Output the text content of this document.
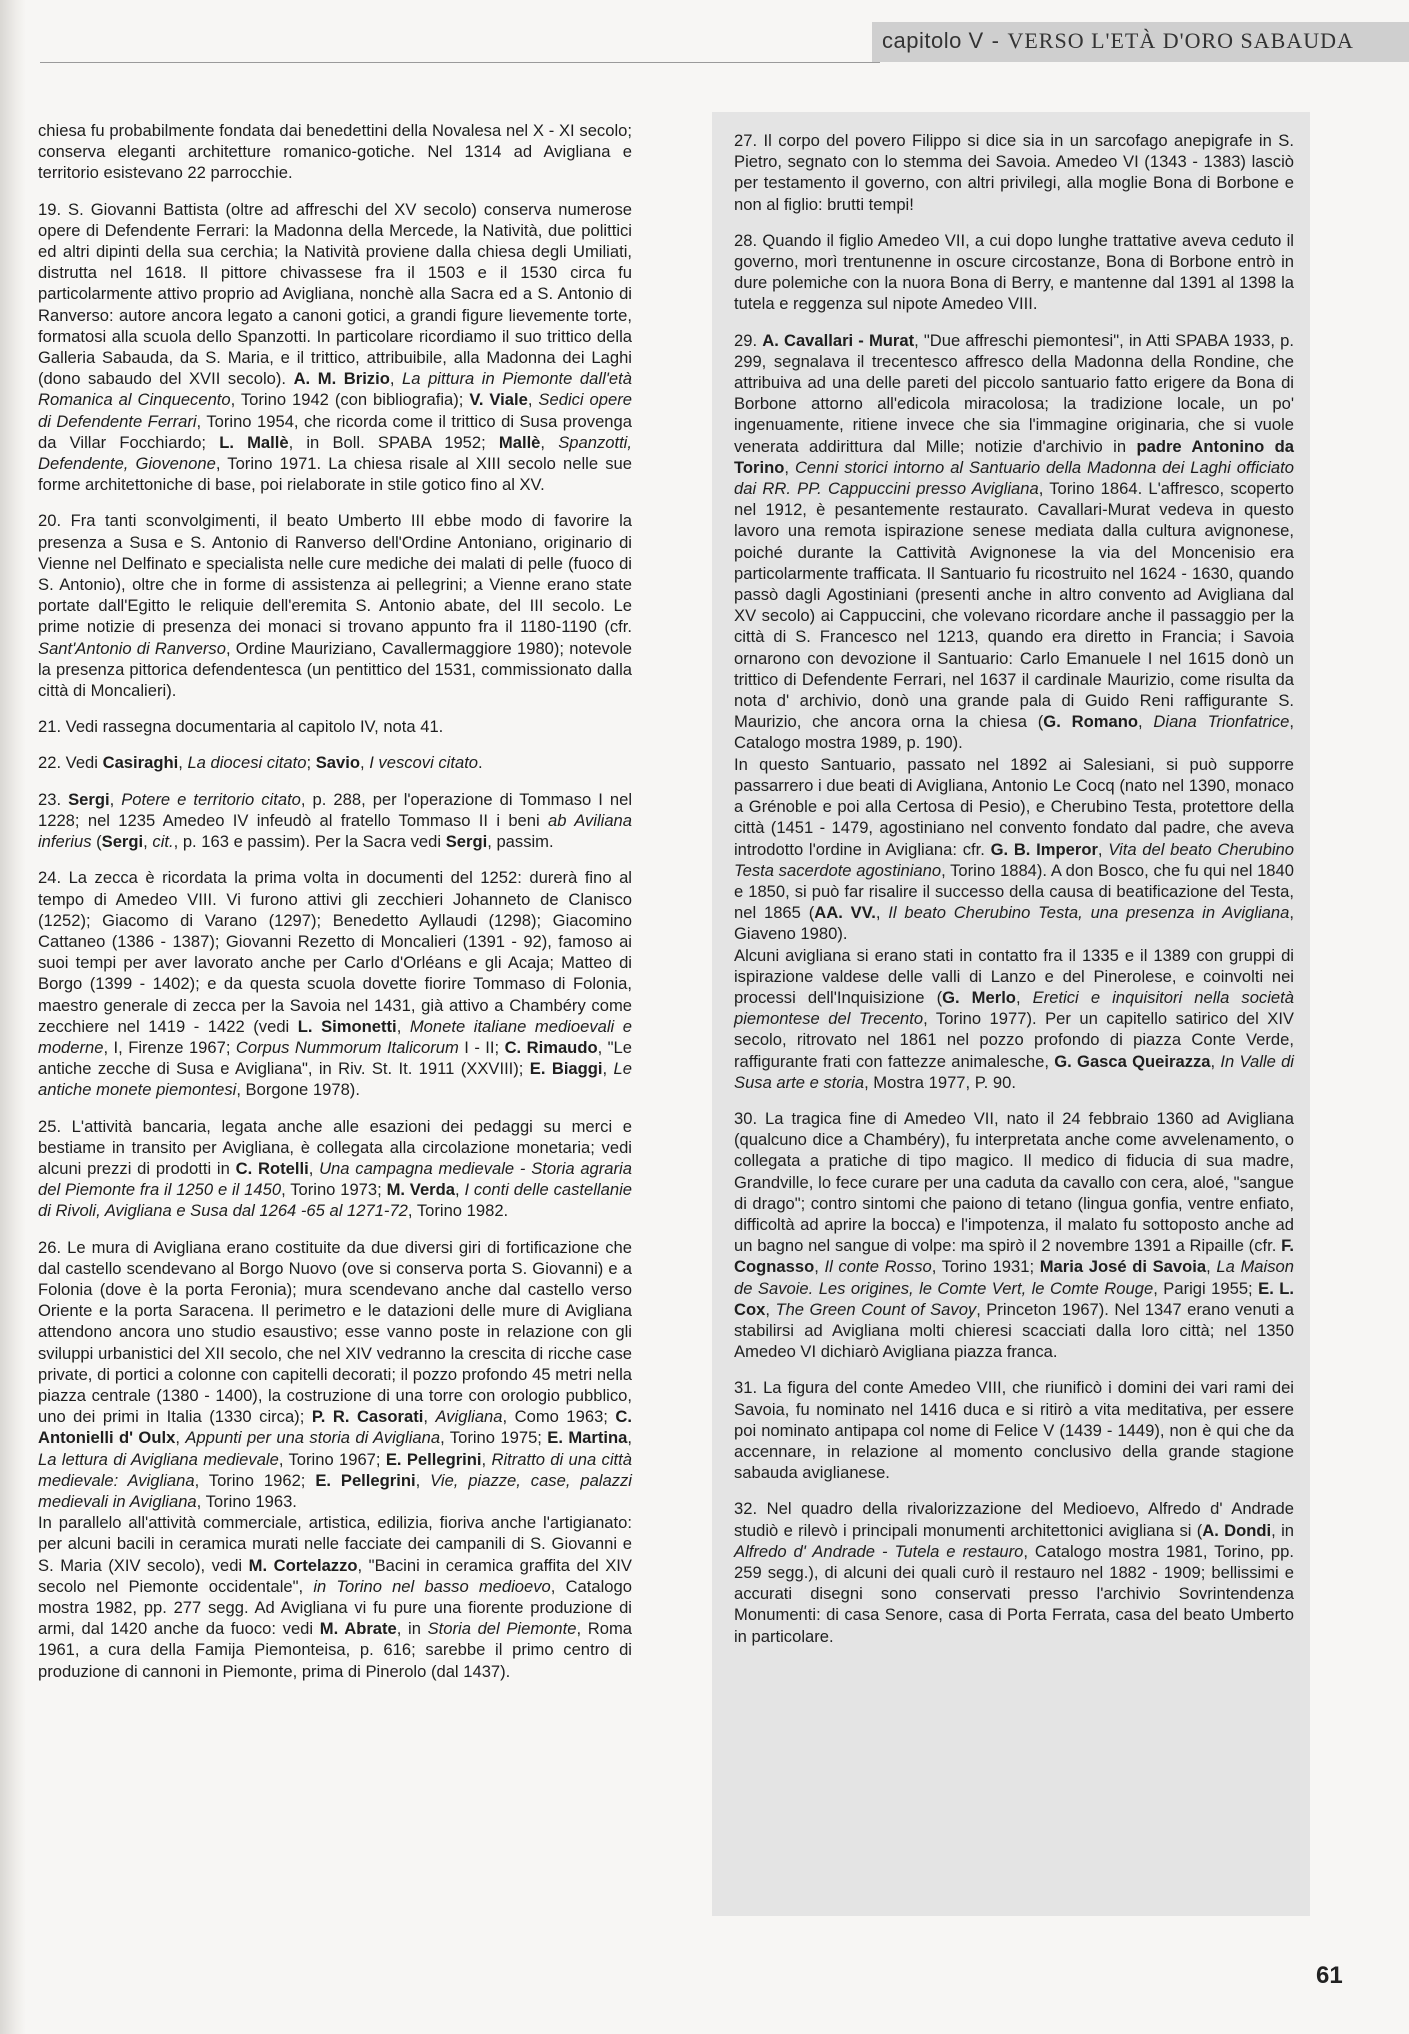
capitolo V - VERSO L'ETÀ D'ORO SABAUDA

chiesa fu probabilmente fondata dai benedettini della Novalesa nel X - XI secolo; conserva eleganti architetture romanico-gotiche. Nel 1314 ad Avigliana e territorio esistevano 22 parrocchie.

19. S. Giovanni Battista (oltre ad affreschi del XV secolo) conserva numerose opere di Defendente Ferrari: la Madonna della Mercede, la Natività, due polittici ed altri dipinti della sua cerchia; la Natività proviene dalla chiesa degli Umiliati, distrutta nel 1618. Il pittore chivassese fra il 1503 e il 1530 circa fu particolarmente attivo proprio ad Avigliana, nonchè alla Sacra ed a S. Antonio di Ranverso: autore ancora legato a canoni gotici, a grandi figure lievemente torte, formatosi alla scuola dello Spanzotti. In particolare ricordiamo il suo trittico della Galleria Sabauda, da S. Maria, e il trittico, attribuibile, alla Madonna dei Laghi (dono sabaudo del XVII secolo). A. M. Brizio, La pittura in Piemonte dall'età Romanica al Cinquecento, Torino 1942 (con bibliografia); V. Viale, Sedici opere di Defendente Ferrari, Torino 1954, che ricorda come il trittico di Susa provenga da Villar Focchiardo; L. Mallè, in Boll. SPABA 1952; Mallè, Spanzotti, Defendente, Giovenone, Torino 1971. La chiesa risale al XIII secolo nelle sue forme architettoniche di base, poi rielaborate in stile gotico fino al XV.

20. Fra tanti sconvolgimenti, il beato Umberto III ebbe modo di favorire la presenza a Susa e S. Antonio di Ranverso dell'Ordine Antoniano, originario di Vienne nel Delfinato e specialista nelle cure mediche dei malati di pelle (fuoco di S. Antonio), oltre che in forme di assistenza ai pellegrini; a Vienne erano state portate dall'Egitto le reliquie dell'eremita S. Antonio abate, del III secolo. Le prime notizie di presenza dei monaci si trovano appunto fra il 1180-1190 (cfr. Sant'Antonio di Ranverso, Ordine Mauriziano, Cavallermaggiore 1980); notevole la presenza pittorica defendentesca (un pentittico del 1531, commissionato dalla città di Moncalieri).

21. Vedi rassegna documentaria al capitolo IV, nota 41.

22. Vedi Casiraghi, La diocesi citato; Savio, I vescovi citato.

23. Sergi, Potere e territorio citato, p. 288, per l'operazione di Tommaso I nel 1228; nel 1235 Amedeo IV infeudò al fratello Tommaso II i beni ab Aviliana inferius (Sergi, cit., p. 163 e passim). Per la Sacra vedi Sergi, passim.

24. La zecca è ricordata la prima volta in documenti del 1252: durerà fino al tempo di Amedeo VIII. Vi furono attivi gli zecchieri Johanneto de Clanisco (1252); Giacomo di Varano (1297); Benedetto Ayllaudi (1298); Giacomino Cattaneo (1386 - 1387); Giovanni Rezetto di Moncalieri (1391 - 92), famoso ai suoi tempi per aver lavorato anche per Carlo d'Orléans e gli Acaja; Matteo di Borgo (1399 - 1402); e da questa scuola dovette fiorire Tommaso di Folonia, maestro generale di zecca per la Savoia nel 1431, già attivo a Chambéry come zecchiere nel 1419 - 1422 (vedi L. Simonetti, Monete italiane medioevali e moderne, I, Firenze 1967; Corpus Nummorum Italicorum I - II; C. Rimaudo, "Le antiche zecche di Susa e Avigliana", in Riv. St. It. 1911 (XXVIII); E. Biaggi, Le antiche monete piemontesi, Borgone 1978).

25. L'attività bancaria, legata anche alle esazioni dei pedaggi su merci e bestiame in transito per Avigliana, è collegata alla circolazione monetaria; vedi alcuni prezzi di prodotti in C. Rotelli, Una campagna medievale - Storia agraria del Piemonte fra il 1250 e il 1450, Torino 1973; M. Verda, I conti delle castellanie di Rivoli, Avigliana e Susa dal 1264 -65 al 1271-72, Torino 1982.

26. Le mura di Avigliana erano costituite da due diversi giri di fortificazione che dal castello scendevano al Borgo Nuovo (ove si conserva porta S. Giovanni) e a Folonia (dove è la porta Feronia); mura scendevano anche dal castello verso Oriente e la porta Saracena. Il perimetro e le datazioni delle mure di Avigliana attendono ancora uno studio esaustivo; esse vanno poste in relazione con gli sviluppi urbanistici del XII secolo, che nel XIV vedranno la crescita di ricche case private, di portici a colonne con capitelli decorati; il pozzo profondo 45 metri nella piazza centrale (1380 - 1400), la costruzione di una torre con orologio pubblico, uno dei primi in Italia (1330 circa); P. R. Casorati, Avigliana, Como 1963; C. Antonielli d' Oulx, Appunti per una storia di Avigliana, Torino 1975; E. Martina, La lettura di Avigliana medievale, Torino 1967; E. Pellegrini, Ritratto di una città medievale: Avigliana, Torino 1962; E. Pellegrini, Vie, piazze, case, palazzi medievali in Avigliana, Torino 1963.

In parallelo all'attività commerciale, artistica, edilizia, fioriva anche l'artigianato: per alcuni bacili in ceramica murati nelle facciate dei campanili di S. Giovanni e S. Maria (XIV secolo), vedi M. Cortelazzo, "Bacini in ceramica graffita del XIV secolo nel Piemonte occidentale", in Torino nel basso medioevo, Catalogo mostra 1982, pp. 277 segg. Ad Avigliana vi fu pure una fiorente produzione di armi, dal 1420 anche da fuoco: vedi M. Abrate, in Storia del Piemonte, Roma 1961, a cura della Famija Piemonteisa, p. 616; sarebbe il primo centro di produzione di cannoni in Piemonte, prima di Pinerolo (dal 1437).

27. Il corpo del povero Filippo si dice sia in un sarcofago anepigrafe in S. Pietro, segnato con lo stemma dei Savoia. Amedeo VI (1343 - 1383) lasciò per testamento il governo, con altri privilegi, alla moglie Bona di Borbone e non al figlio: brutti tempi!

28. Quando il figlio Amedeo VII, a cui dopo lunghe trattative aveva ceduto il governo, morì trentunenne in oscure circostanze, Bona di Borbone entrò in dure polemiche con la nuora Bona di Berry, e mantenne dal 1391 al 1398 la tutela e reggenza sul nipote Amedeo VIII.

29. A. Cavallari - Murat, "Due affreschi piemontesi", in Atti SPABA 1933, p. 299, segnalava il trecentesco affresco della Madonna della Rondine, che attribuiva ad una delle pareti del piccolo santuario fatto erigere da Bona di Borbone attorno all'edicola miracolosa; la tradizione locale, un po' ingenuamente, ritiene invece che sia l'immagine originaria, che si vuole venerata addirittura dal Mille; notizie d'archivio in padre Antonino da Torino, Cenni storici intorno al Santuario della Madonna dei Laghi officiato dai RR. PP. Cappuccini presso Avigliana, Torino 1864. L'affresco, scoperto nel 1912, è pesantemente restaurato. Cavallari-Murat vedeva in questo lavoro una remota ispirazione senese mediata dalla cultura avignonese, poiché durante la Cattività Avignonese la via del Moncenisio era particolarmente trafficata. Il Santuario fu ricostruito nel 1624 - 1630, quando passò dagli Agostiniani (presenti anche in altro convento ad Avigliana dal XV secolo) ai Cappuccini, che volevano ricordare anche il passaggio per la città di S. Francesco nel 1213, quando era diretto in Francia; i Savoia ornarono con devozione il Santuario: Carlo Emanuele I nel 1615 donò un trittico di Defendente Ferrari, nel 1637 il cardinale Maurizio, come risulta da nota d' archivio, donò una grande pala di Guido Reni raffigurante S. Maurizio, che ancora orna la chiesa (G. Romano, Diana Trionfatrice, Catalogo mostra 1989, p. 190).

In questo Santuario, passato nel 1892 ai Salesiani, si può supporre passarrero i due beati di Avigliana, Antonio Le Cocq (nato nel 1390, monaco a Grénoble e poi alla Certosa di Pesio), e Cherubino Testa, protettore della città (1451 - 1479, agostiniano nel convento fondato dal padre, che aveva introdotto l'ordine in Avigliana: cfr. G. B. Imperor, Vita del beato Cherubino Testa sacerdote agostiniano, Torino 1884). A don Bosco, che fu qui nel 1840 e 1850, si può far risalire il successo della causa di beatificazione del Testa, nel 1865 (AA. VV., Il beato Cherubino Testa, una presenza in Avigliana, Giaveno 1980).

Alcuni avigliana si erano stati in contatto fra il 1335 e il 1389 con gruppi di ispirazione valdese delle valli di Lanzo e del Pinerolese, e coinvolti nei processi dell'Inquisizione (G. Merlo, Eretici e inquisitori nella società piemontese del Trecento, Torino 1977). Per un capitello satirico del XIV secolo, ritrovato nel 1861 nel pozzo profondo di piazza Conte Verde, raffigurante frati con fattezze animalesche, G. Gasca Queirazza, In Valle di Susa arte e storia, Mostra 1977, P. 90.

30. La tragica fine di Amedeo VII, nato il 24 febbraio 1360 ad Avigliana (qualcuno dice a Chambéry), fu interpretata anche come avvelenamento, o collegata a pratiche di tipo magico. Il medico di fiducia di sua madre, Grandville, lo fece curare per una caduta da cavallo con cera, aloé, "sangue di drago"; contro sintomi che paiono di tetano (lingua gonfia, ventre enfiato, difficoltà ad aprire la bocca) e l'impotenza, il malato fu sottoposto anche ad un bagno nel sangue di volpe: ma spirò il 2 novembre 1391 a Ripaille (cfr. F. Cognasso, Il conte Rosso, Torino 1931; Maria José di Savoia, La Maison de Savoie. Les origines, le Comte Vert, le Comte Rouge, Parigi 1955; E. L. Cox, The Green Count of Savoy, Princeton 1967). Nel 1347 erano venuti a stabilirsi ad Avigliana molti chieresi scacciati dalla loro città; nel 1350 Amedeo VI dichiarò Avigliana piazza franca.

31. La figura del conte Amedeo VIII, che riunificò i domini dei vari rami dei Savoia, fu nominato nel 1416 duca e si ritirò a vita meditativa, per essere poi nominato antipapa col nome di Felice V (1439 - 1449), non è qui che da accennare, in relazione al momento conclusivo della grande stagione sabauda aviglianese.

32. Nel quadro della rivalorizzazione del Medioevo, Alfredo d' Andrade studiò e rilevò i principali monumenti architettonici avigliana si (A. Dondi, in Alfredo d' Andrade - Tutela e restauro, Catalogo mostra 1981, Torino, pp. 259 segg.), di alcuni dei quali curò il restauro nel 1882 - 1909; bellissimi e accurati disegni sono conservati presso l'archivio Sovrintendenza Monumenti: di casa Senore, casa di Porta Ferrata, casa del beato Umberto in particolare.

61
